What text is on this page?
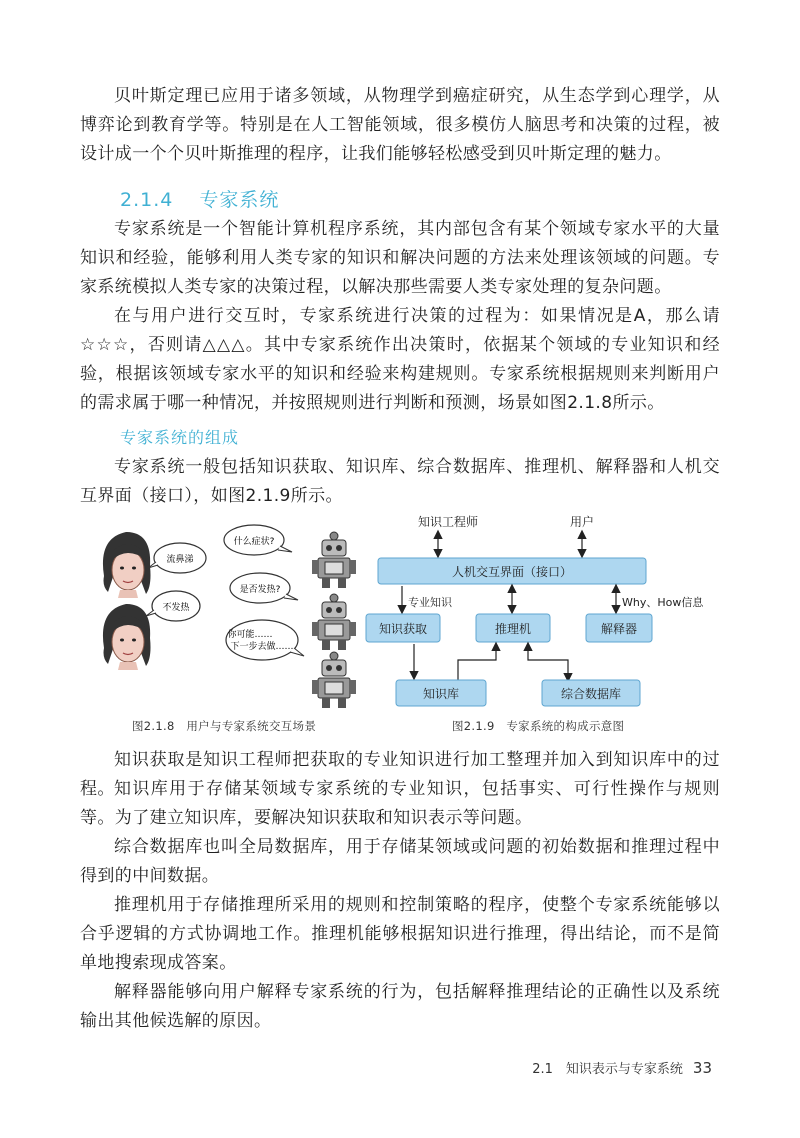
贝叶斯定理已应用于诸多领域，从物理学到癌症研究，从生态学到心理学，从博弈论到教育学等。特别是在人工智能领域，很多模仿人脑思考和决策的过程，被设计成一个个贝叶斯推理的程序，让我们能够轻松感受到贝叶斯定理的魅力。

2.1.4 专家系统

专家系统是一个智能计算机程序系统，其内部包含有某个领域专家水平的大量知识和经验，能够利用人类专家的知识和解决问题的方法来处理该领域的问题。专家系统模拟人类专家的决策过程，以解决那些需要人类专家处理的复杂问题。

在与用户进行交互时，专家系统进行决策的过程为：如果情况是A，那么请☆☆☆，否则请△△△。其中专家系统作出决策时，依据某个领域的专业知识和经验，根据该领域专家水平的知识和经验来构建规则。专家系统根据规则来判断用户的需求属于哪一种情况，并按照规则进行判断和预测，场景如图2.1.8所示。

专家系统的组成

专家系统一般包括知识获取、知识库、综合数据库、推理机、解释器和人机交互界面（接口），如图2.1.9所示。

流鼻涕
不发热
什么症状?
是否发热?
你可能……
下一步去做……
图2.1.8　用户与专家系统交互场景
知识工程师	用户
人机交互界面（接口）
专业知识	Why、How信息
知识获取	推理机	解释器
知识库	综合数据库
图2.1.9　专家系统的构成示意图

知识获取是知识工程师把获取的专业知识进行加工整理并加入到知识库中的过程。 知识库用于存储某领域专家系统的专业知识，包括事实、可行性操作与规则等。为了建立知识库，要解决知识获取和知识表示等问题。

综合数据库也叫全局数据库，用于存储某领域或问题的初始数据和推理过程中得到的中间数据。

推理机用于存储推理所采用的规则和控制策略的程序，使整个专家系统能够以合乎逻辑的方式协调地工作。推理机能够根据知识进行推理，得出结论，而不是简单地搜索现成答案。

解释器能够向用户解释专家系统的行为，包括解释推理结论的正确性以及系统输出其他候选解的原因。

2.1　知识表示与专家系统 33
